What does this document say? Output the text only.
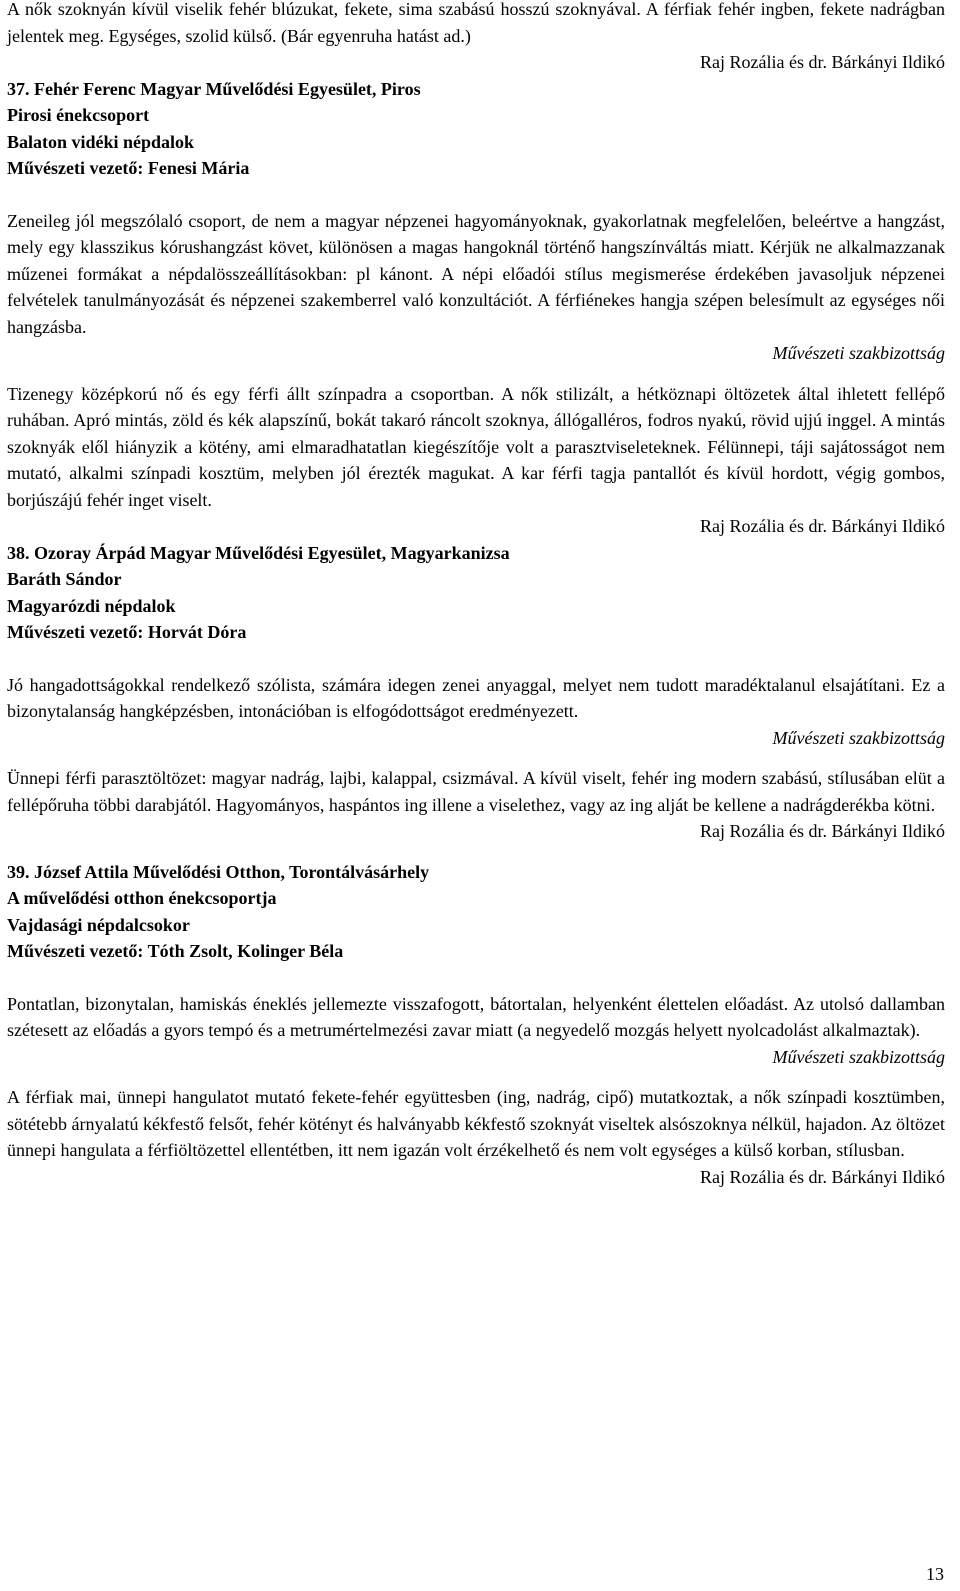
A nők szoknyán kívül viselik fehér blúzukat, fekete, sima szabású hosszú szoknyával. A férfiak fehér ingben, fekete nadrágban jelentek meg. Egységes, szolid külső. (Bár egyenruha hatást ad.)

Raj Rozália és dr. Bárkányi Ildikó

37. Fehér Ferenc Magyar Művelődési Egyesület, Piros
Pirosi énekcsoport
Balaton vidéki népdalok
Művészeti vezető: Fenesi Mária

Zeneileg jól megszólaló csoport, de nem a magyar népzenei hagyományoknak, gyakorlatnak megfelelően, beleértve a hangzást, mely egy klasszikus kórushangzást követ, különösen a magas hangoknál történő hangszínváltás miatt. Kérjük ne alkalmazzanak műzenei formákat a népdalösszeállításokban: pl kánont. A népi előadói stílus megismerése érdekében javasoljuk népzenei felvételek tanulmányozását és népzenei szakemberrel való konzultációt. A férfiénekes hangja szépen belesímult az egységes női hangzásba.

Művészeti szakbizottság

Tizenegy középkorú nő és egy férfi állt színpadra a csoportban. A nők stilizált, a hétköznapi öltözetek által ihletett fellépő ruhában. Apró mintás, zöld és kék alapszínű, bokát takaró ráncolt szoknya, állógalléros, fodros nyakú, rövid ujjú inggel. A mintás szoknyák elől hiányzik a kötény, ami elmaradhatatlan kiegészítője volt a parasztviseleteknek. Félünnepi, táji sajátosságot nem mutató, alkalmi színpadi kosztüm, melyben jól érezték magukat. A kar férfi tagja pantallót és kívül hordott, végig gombos, borjúszájú fehér inget viselt.

Raj Rozália és dr. Bárkányi Ildikó

38. Ozoray Árpád Magyar Művelődési Egyesület, Magyarkanizsa
Baráth Sándor
Magyarózdi népdalok
Művészeti vezető: Horvát Dóra

Jó hangadottságokkal rendelkező szólista, számára idegen zenei anyaggal, melyet nem tudott maradéktalanul elsajátítani. Ez a bizonytalanság hangképzésben, intonációban is elfogódottságot eredményezett.

Művészeti szakbizottság

Ünnepi férfi parasztöltözet: magyar nadrág, lajbi, kalappal, csizmával. A kívül viselt, fehér ing modern szabású, stílusában elüt a fellépőruha többi darabjától. Hagyományos, haspántos ing illene a viselethez, vagy az ing alját be kellene a nadrágderékba kötni.

Raj Rozália és dr. Bárkányi Ildikó

39. József Attila Művelődési Otthon, Torontálvásárhely
A művelődési otthon énekcsoportja
Vajdasági népdalcsokor
Művészeti vezető: Tóth Zsolt, Kolinger Béla

Pontatlan, bizonytalan, hamiskás éneklés jellemezte visszafogott, bátortalan, helyenként élettelen előadást. Az utolsó dallamban szétesett az előadás a gyors tempó és a metrumértelmezési zavar miatt (a negyedelő mozgás helyett nyolcadolást alkalmaztak).

Művészeti szakbizottság

A férfiak mai, ünnepi hangulatot mutató fekete-fehér együttesben (ing, nadrág, cipő) mutatkoztak, a nők színpadi kosztümben, sötétebb árnyalatú kékfestő felsőt, fehér kötényt és halványabb kékfestő szoknyát viseltek alsószoknya nélkül, hajadon. Az öltözet ünnepi hangulata a férfiöltözettel ellentétben, itt nem igazán volt érzékelhető és nem volt egységes a külső korban, stílusban.

Raj Rozália és dr. Bárkányi Ildikó

13
